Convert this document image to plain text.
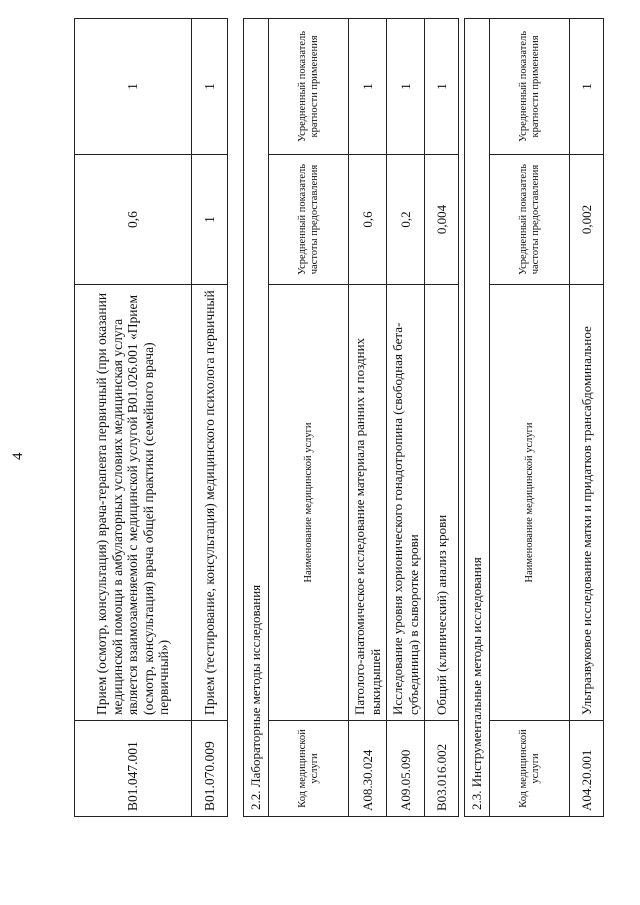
4
B01.047.001	Прием (осмотр, консультация) врача-терапевта первичный (при оказании медицинской помощи в амбулаторных условиях медицинская услуга является взаимозаменяемой с медицинской услугой B01.026.001 «Прием (осмотр, консультация) врача общей практики (семейного врача) первичный»)	0,6	1
B01.070.009	Прием (тестирование, консультация) медицинского психолога первичный	1	1
2.2. Лабораторные методы исследования			
Код медицинской услуги	Наименование медицинской услуги	Усредненный показатель частоты предоставления	Усредненный показатель кратности применения
A08.30.024	Патолого-анатомическое исследование материала ранних и поздних выкидышей	0,6	1
A09.05.090	Исследование уровня хорионического гонадотропина (свободная бета-субъединица) в сыворотке крови	0,2	1
B03.016.002	Общий (клинический) анализ крови	0,004	1
2.3. Инструментальные методы исследования			
Код медицинской услуги	Наименование медицинской услуги	Усредненный показатель частоты предоставления	Усредненный показатель кратности применения
A04.20.001	Ультразвуковое исследование матки и придатков трансабдоминальное	0,002	1
